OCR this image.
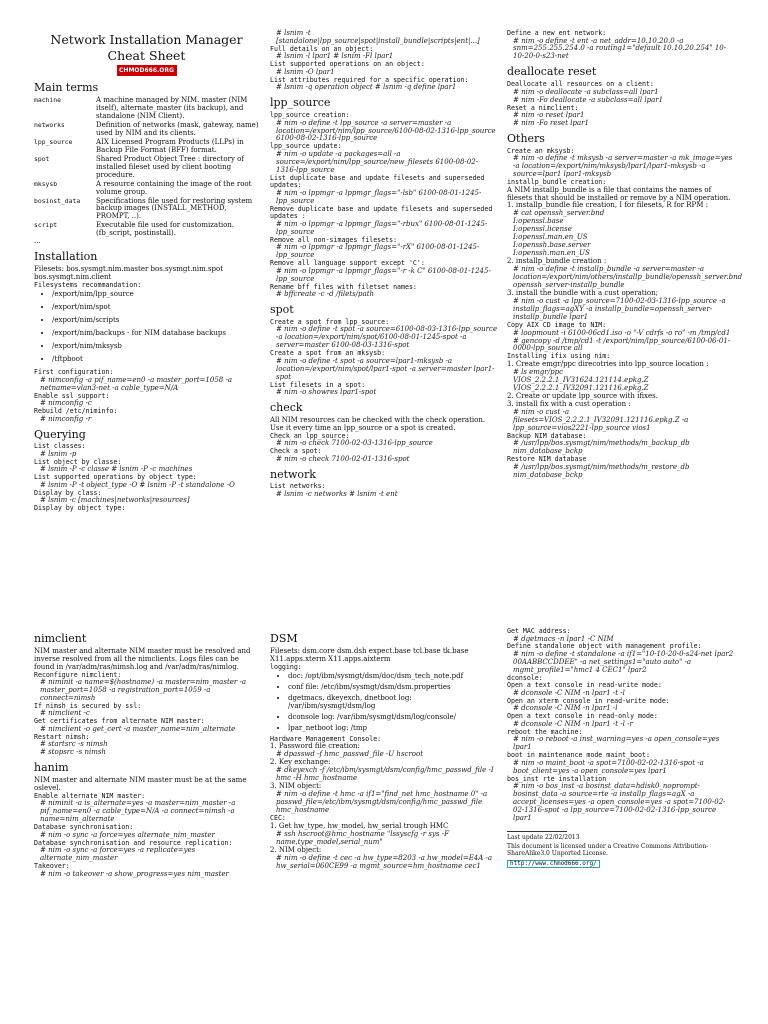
Network Installation Manager
Cheat Sheet
CHMOD666.ORG
Main terms
machine	A machine managed by NIM. master (NIM itself), alternate_master (its backup), and standalone (NIM Client).
networks	Definition of networks (mask, gateway, name) used by NIM and its clients.
lpp_source	AIX Licensed Program Products (LLPs) in Backup File Format (BFF) format.
spot	Shared Product Object Tree : directory of installed fileset used by client booting procedure.
mksysb	A resource containing the image of the root volume group.
bosinst_data	Specifications file used for restoring system backup images (INSTALL_METHOD, PROMPT, ..).
script	Executable file used for customization. (fb_script, postinstall).
...
Installation

Filesets: bos.sysmgt.nim.master bos.sysmgt.nim.spot bos.sysmgt.nim.client

Filesystems recommandation:
• /export/nim/lpp_source
• /export/nim/spot
• /export/nim/scripts
• /export/nim/backups - for NIM database backups
• /export/nim/mksysb
• /tftpboot
First configuration:
# nimconfig -a pif_name=en0 -a master_port=1058 -a netname=vlan3-net -a cable_type=N/A
Enable ssl support:
# nimconfig -c
Rebuild /etc/niminfo:
# nimconfig -r
Querying
List classes:
# lsnim -p
List object by classe:
# lsnim -P -c classe # lsnim -P -c machines
List supported operations by object type:
# lsnim -P -t object_type -O # lsnim -P -t standalone -O
Display by class:
# lsnim -c [machines|networks|resources]
Display by object type:
# lsnim -t [standalone|lpp_source|spot|install_bundle|scripts|ent|...]
Full details on an object:
# lsnim -l lpar1 # lsnim -Fl lpar1
List supported operations on an object:
# lsnim -O lpar1
List attributes required for a specific operation:
# lsnim -q operation object # lsnim -q define lpar1
lpp_source
lpp_source creation:
# nim -o define -t lpp_source -a server=master -a location=/export/nim/lpp_source/6100-08-02-1316-lpp_source 6100-08-02-1316-lpp_source
lpp_source update:
# nim -o update -a packages=all -a source=/export/nim/lpp_source/new_filesets 6100-08-02-1316-lpp_source
List duplicate base and update filesets and superseded updates:
# nim -o lppmgr -a lppmgr_flags="-lsb" 6100-08-01-1245-lpp_source
Remove duplicate base and update filesets and superseded updates :
# nim -o lppmgr -a lppmgr_flags="-rbux" 6100-08-01-1245-lpp_source
Remove all non-simages filesets:
# nim -o lppmgr -a lppmgr_flags="-rX" 6100-08-01-1245-lpp_source
Remove all language support except 'C':
# nim -o lppmgr -a lppmgr_flags="-r -k C" 6100-08-01-1245-lpp_source
Rename bff files with filetset names:
# bffcreate -c -d /filets/path
spot
Create a spot from lpp_source:
# nim -o define -t spot -a source=6100-08-03-1316-lpp_source -a location=/export/nim/spot/6100-08-01-1245-spot -a server=master 6100-08-03-1316-spot
Create a spot from an mksysb:
# nim -o define -t spot -a source=lpar1-mksysb -a location=/export/nim/spot/lpar1-spot -a server=master lpar1-spot
List filesets in a spot:
# nim -o showres lpar1-spot
check

All NIM resources can be checked with the check operation. Use it every time an lpp_source or a spot is created.

Check an lpp_source:
# nim -o check 7100-02-03-1316-lpp_source
Check a spot:
# nim -o check 7100-02-01-1316-spot
network
List networks:
# lsnim -c networks # lsnim -t ent
Define a new ent network:
# nim -o define -t ent -a net_addr=10.10.20.0 -a snm=255.255.254.0 -a routing1="default 10.10.20.254" 10-10-20-0-s23-net
deallocate reset
Deallocate all resources on a client:
# nim -o deallocate -a subclass=all lpar1
# nim -Fo deallocate -a subclass=all lpar1
Reset a nimclient:
# nim -o reset lpar1
# nim -Fo reset lpar1
Others
Create an mksysb:
# nim -o define -t mksysb -a server=master -a mk_image=yes -a location=/export/nim/mksysb/lpar1/lpar1-mksysb -a source=lpar1 lpar1-mksysb
installp_bundle creation:

A NIM installp_bundle is a file that contains the names of filesets that should be installed or remove by a NIM operation.

1. installp_bundle file creation, I for filesets, R for RPM :

# cat openssh_server.bnd
I:openssl.base
I:openssl.license
I:openssl.man.en_US
I:openssh.base.server
I:openssh.man.en_US

2. installp_bundle creation :

# nim -o define -t installp_bundle -a server=master -a location=/export/nim/others/installp_bundle/openssh_server.bnd openssh_server-installp_bundle

3. install the bundle with a cust operation;

# nim -o cust -a lpp_source=7100-02-03-1316-lpp_source -a installp_flags=agXY -a installp_bundle=openssh_server-installp_bundle lpar1
Copy AIX CD image to NIM:
# loopmount -i 6100-06cd1.iso -o "-V cdrfs -o ro" -m /tmp/cd1
# gencopy -d /tmp/cd1 -t /export/nim/lpp_source/6100-06-01-0000-lpp_source all
Installing ifix using nim:

1. Create emgr/ppc direcotries into lpp_source location :

# ls emgr/ppc
VIOS_2.2.2.1_IV31624.121114.epkg.Z
VIOS_2.2.2.1_IV32091.121116.epkg.Z

2. Create or update lpp_source with ifixes.

3. install fix with a cust operation :

# nim -o cust -a filesets=VIOS_2.2.2.1_IV32091.121116.epkg.Z -a lpp_source=vios2221-lpp_source vios1
Backup NIM database:
# /usr/lpp/bos.sysmgt/nim/methods/m_backup_db nim_database_bckp
Restore NIM database
# /usr/lpp/bos.sysmgt/nim/methods/m_restore_db nim_database_bckp
nimclient

NIM master and alternate NIM master must be resolved and inverse resolved from all the nimclients. Logs files can be found in /var/adm/ras/nimsh.log and /var/adm/ras/nimlog.

Reconfigure nimclient:
# niminit -a name=$(hostname) -a master=nim_master -a master_port=1058 -a registration_port=1059 -a connect=nimsh
If nimsh is secured by ssl:
# nimclient -c
Get certificates from alternate NIM master:
# nimclient -o get_cert -a master_name=nim_alternate
Restart nimsh:
# startsrc -s nimsh
# stopsrc -s nimsh
hanim

NIM master and alternate NIM master must be at the same oslevel.

Enable alternate NIM master:
# niminit -a is_alternate=yes -a master=nim_master -a pif_name=en0 -a cable_type=N/A -a connect=nimsh -a name=nim_alternate
Database synchronisation:
# nim -o sync -a force=yes alternate_nim_master
Database synchronisation and resource replication:
# nim -o sync -a force=yes -a replicate=yes alternate_nim_master
Takeover:
# nim -o takeover -a show_progress=yes nim_master
DSM

Filesets: dsm.core dsm.dsh expect.base tcl.base tk.base X11.apps.xterm X11.apps.aixterm

logging:
• doc: /opt/ibm/sysmgt/dsm/doc/dsm_tech_note.pdf
• conf file: /etc/ibm/sysmgt/dsm/dsm.properties
• dgetmacs, dkeyexch, dnetboot log: /var/ibm/sysmgt/dsm/log
• dconsole log: /var/ibm/sysmgt/dsm/log/console/
• lpar_netboot log: /tmp
Hardware Management Console:

1. Password file creation:

# dpasswd -f hmc_passwd_file -U hscroot

2. Key exchange:

# dkeyexch -f /etc/ibm/sysmgt/dsm/config/hmc_passwd_file -I hmc -H hmc_hostname

3. NIM object:

# nim -o define -t hmc -a if1="find_net hmc_hostname 0" -a passwd_file=/etc/ibm/sysmgt/dsm/config/hmc_passwd_file hmc_hostname
CEC:

1. Get hw_type, hw_model, hw_serial trough HMC

# ssh hscroot@hmc_hostname "lssyscfg -r sys -F name,type_model,serial_num"

2. NIM object:

# nim -o define -t cec -a hw_type=8203 -a hw_model=E4A -a hw_serial=060CE99 -a mgmt_source=hm_hostname cec1
Get MAC address:
# dgetmacs -n lpar1 -C NIM
Define standalone object with management profile:
# nim -o define -t standalone -a if1="10-10-20-0-s24-net lpar2 00AABBCCDDEE" -a net_settings1="auto auto" -a mgmt_profile1="hmc1 4 CEC1" lpar2
dconsole:
Open a text console in read-write mode:
# dconsole -C NIM -n lpar1 -t -l
Open an xterm console in read-write mode:
# dconsole -C NIM -n lpar1 -l
Open a text console in read-only mode:
# dconsole -C NIM -n lpar1 -t -l -r
reboot the machine:
# nim -o reboot -a inst_warning=yes -a open_console=yes lpar1
boot in maintenance mode maint_boot:
# nim -o maint_boot -a spot=7100-02-02-1316-spot -a boot_client=yes -a open_console=yes lpar1
bos_inst rte installation
# nim -o bos_inst -a bosinst_data=hdisk0_noprompt-bosinst_data -a source=rte -a installp_flags=agX -a accept_licenses=yes -a open_console=yes -a spot=7100-02-02-1316-spot -a lpp_source=7100-02-02-1316-lpp_source lpar1
Last update 22/02/2013
This document is licensed under a Creative Commons Attribution-ShareAlike3.0 Unported License.
http://www.chmod666.org/
